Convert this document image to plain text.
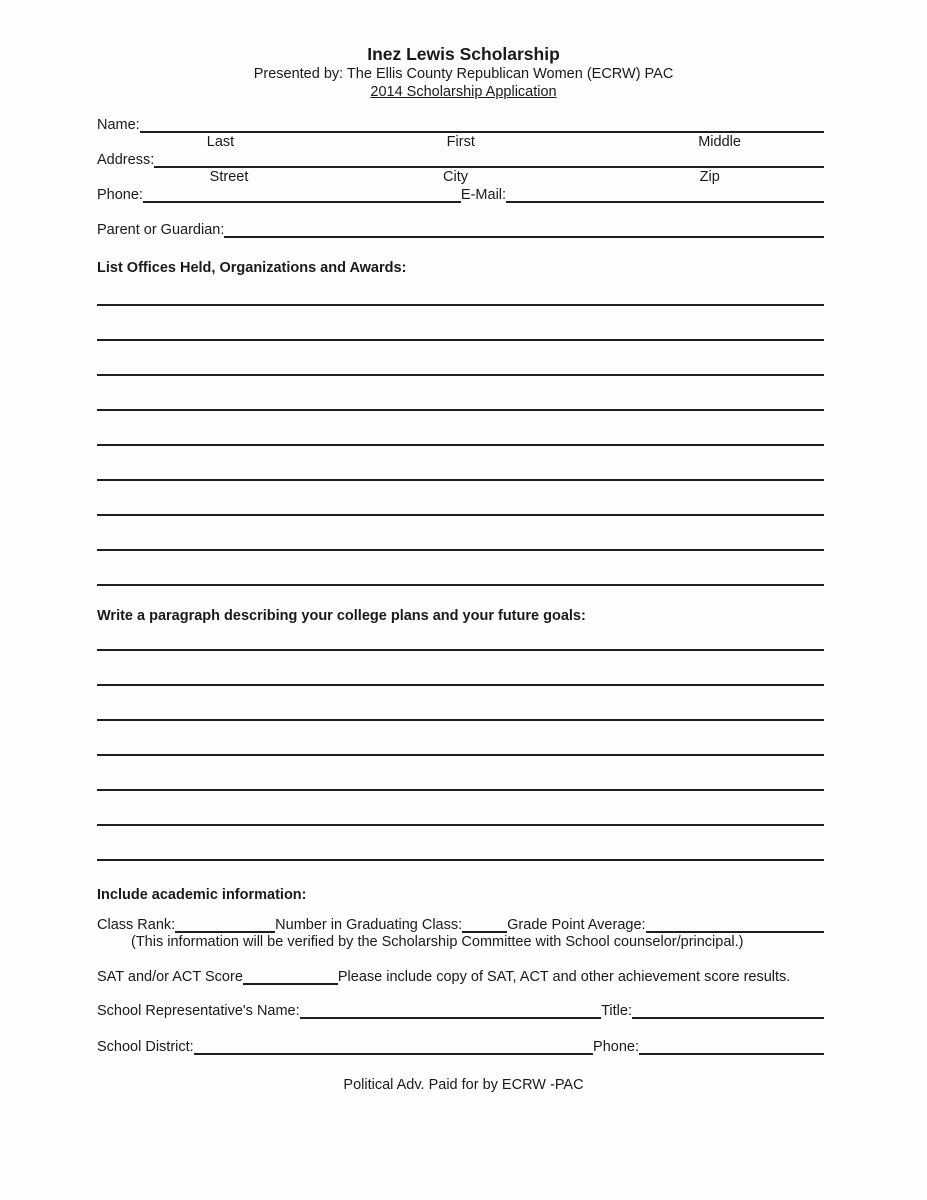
Inez Lewis Scholarship
Presented by: The Ellis County Republican Women (ECRW) PAC
2014 Scholarship Application
Name:
Last	First	Middle
Address:
Street	City	Zip
Phone:	E-Mail:
Parent or Guardian:
List Offices Held, Organizations and Awards:
Write a paragraph describing your college plans and your future goals:
Include academic information:
Class Rank:	Number in Graduating Class:	Grade Point Average:
(This information will be verified by the Scholarship Committee with School counselor/principal.)
SAT and/or ACT Score	Please include copy of SAT, ACT and other achievement score results.
School Representative's Name:	Title:
School District:	Phone:
Political Adv. Paid for by ECRW -PAC
